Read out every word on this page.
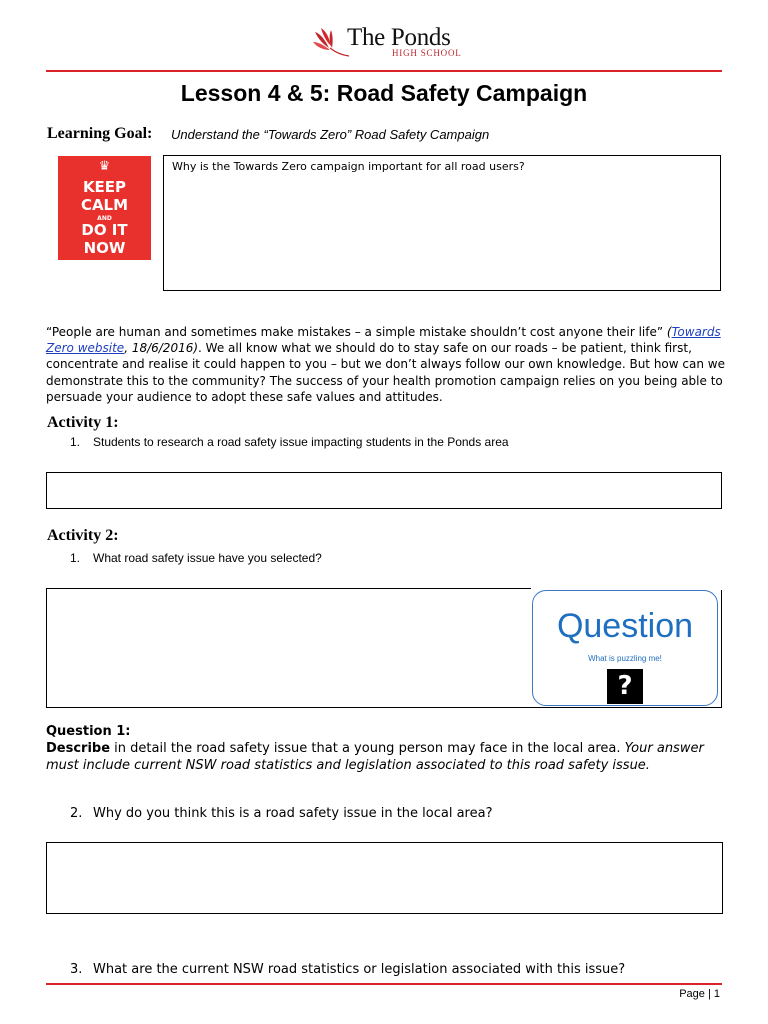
The Ponds
HIGH SCHOOL
Lesson 4 & 5: Road Safety Campaign
Learning Goal: Understand the “Towards Zero” Road Safety Campaign
♛
KEEP
CALM
AND
DO IT
NOW
Why is the Towards Zero campaign important for all road users?
“People are human and sometimes make mistakes – a simple mistake shouldn’t cost anyone their life” (Towards Zero website, 18/6/2016). We all know what we should do to stay safe on our roads – be patient, think first, concentrate and realise it could happen to you – but we don’t always follow our own knowledge. But how can we demonstrate this to the community? The success of your health promotion campaign relies on you being able to persuade your audience to adopt these safe values and attitudes.
Activity 1:
1. Students to research a road safety issue impacting students in the Ponds area
Activity 2:
1. What road safety issue have you selected?
Question
What is puzzling me!
?
Question 1:
Describe in detail the road safety issue that a young person may face in the local area. Your answer must include current NSW road statistics and legislation associated to this road safety issue.
2. Why do you think this is a road safety issue in the local area?
3. What are the current NSW road statistics or legislation associated with this issue?
Page | 1
